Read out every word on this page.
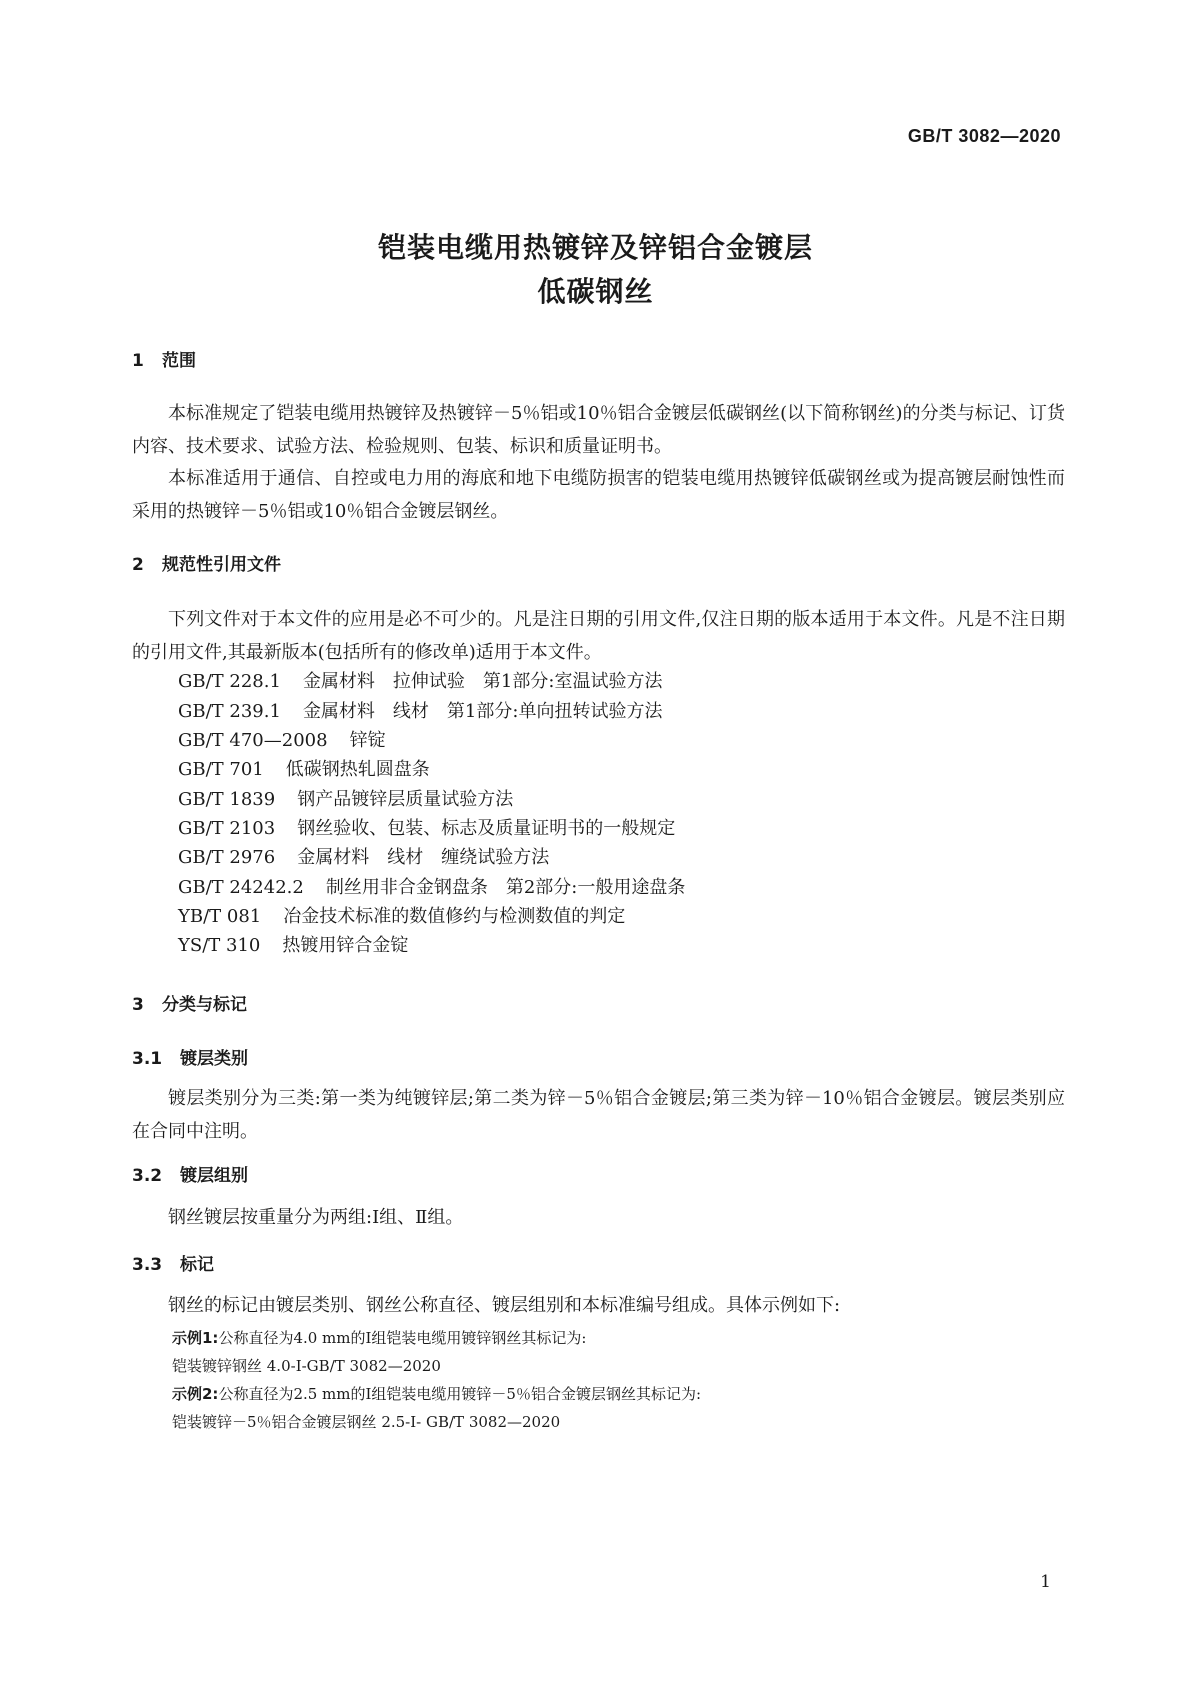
GB/T 3082—2020
铠装电缆用热镀锌及锌铝合金镀层
低碳钢丝
1 范围
本标准规定了铠装电缆用热镀锌及热镀锌－5％铝或10％铝合金镀层低碳钢丝(以下简称钢丝)的分类与标记、订货内容、技术要求、试验方法、检验规则、包装、标识和质量证明书。
本标准适用于通信、自控或电力用的海底和地下电缆防损害的铠装电缆用热镀锌低碳钢丝或为提高镀层耐蚀性而采用的热镀锌－5％铝或10％铝合金镀层钢丝。
2 规范性引用文件
下列文件对于本文件的应用是必不可少的。凡是注日期的引用文件,仅注日期的版本适用于本文件。凡是不注日期的引用文件,其最新版本(包括所有的修改单)适用于本文件。
GB/T 228.1 金属材料　拉伸试验　第1部分:室温试验方法
GB/T 239.1 金属材料　线材　第1部分:单向扭转试验方法
GB/T 470—2008 锌锭
GB/T 701 低碳钢热轧圆盘条
GB/T 1839 钢产品镀锌层质量试验方法
GB/T 2103 钢丝验收、包装、标志及质量证明书的一般规定
GB/T 2976 金属材料　线材　缠绕试验方法
GB/T 24242.2 制丝用非合金钢盘条　第2部分:一般用途盘条
YB/T 081 冶金技术标准的数值修约与检测数值的判定
YS/T 310 热镀用锌合金锭
3 分类与标记
3.1 镀层类别
镀层类别分为三类:第一类为纯镀锌层;第二类为锌－5％铝合金镀层;第三类为锌－10％铝合金镀层。镀层类别应在合同中注明。
3.2 镀层组别
钢丝镀层按重量分为两组:Ⅰ组、Ⅱ组。
3.3 标记
钢丝的标记由镀层类别、钢丝公称直径、镀层组别和本标准编号组成。具体示例如下:
示例1:公称直径为4.0 mm的Ⅰ组铠装电缆用镀锌钢丝其标记为:
铠装镀锌钢丝 4.0-Ⅰ-GB/T 3082—2020
示例2:公称直径为2.5 mm的Ⅰ组铠装电缆用镀锌－5％铝合金镀层钢丝其标记为:
铠装镀锌－5％铝合金镀层钢丝 2.5-Ⅰ- GB/T 3082—2020
1
